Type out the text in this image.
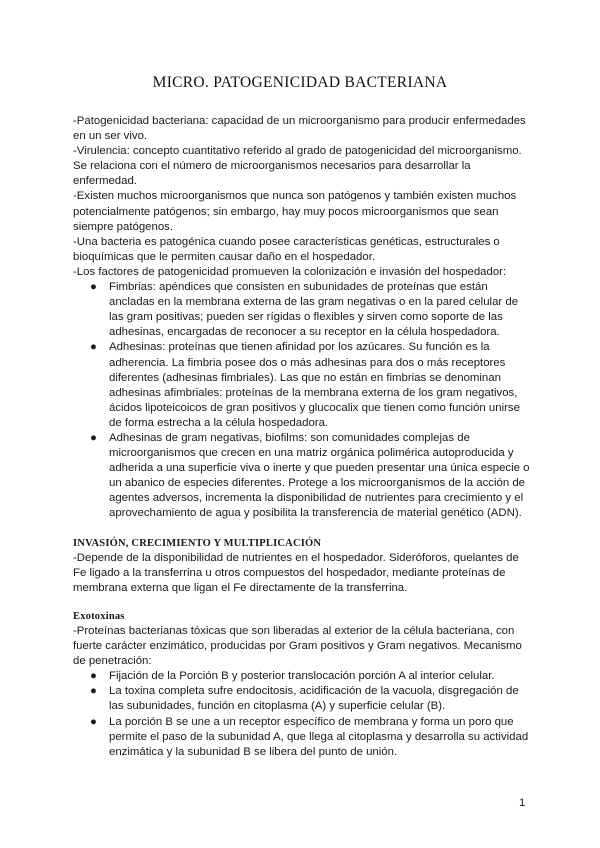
MICRO. PATOGENICIDAD BACTERIANA

-Patogenicidad bacteriana: capacidad de un microorganismo para producir enfermedades en un ser vivo.

-Virulencia: concepto cuantitativo referido al grado de patogenicidad del microorganismo. Se relaciona con el número de microorganismos necesarios para desarrollar la enfermedad.

-Existen muchos microorganismos que nunca son patógenos y también existen muchos potencialmente patógenos; sin embargo, hay muy pocos microorganismos que sean siempre patógenos.

-Una bacteria es patogénica cuando posee características genéticas, estructurales o bioquímicas que le permiten causar daño en el hospedador.

-Los factores de patogenicidad promueven la colonización e invasión del hospedador:

● Fimbrias: apéndices que consisten en subunidades de proteínas que están ancladas en la membrana externa de las gram negativas o en la pared celular de las gram positivas; pueden ser rígidas o flexibles y sirven como soporte de las adhesinas, encargadas de reconocer a su receptor en la célula hospedadora.
● Adhesinas: proteínas que tienen afinidad por los azúcares. Su función es la adherencia. La fimbria posee dos o más adhesinas para dos o más receptores diferentes (adhesinas fimbriales). Las que no están en fimbrias se denominan adhesinas afimbriales: proteínas de la membrana externa de los gram negativos, ácidos lipoteicoicos de gran positivos y glucocalix que tienen como función unirse de forma estrecha a la célula hospedadora.
● Adhesinas de gram negativas, biofilms: son comunidades complejas de microorganismos que crecen en una matriz orgánica polimérica autoproducida y adherida a una superficie viva o inerte y que pueden presentar una única especie o un abanico de especies diferentes. Protege a los microorganismos de la acción de agentes adversos, incrementa la disponibilidad de nutrientes para crecimiento y el aprovechamiento de agua y posibilita la transferencia de material genético (ADN).

INVASIÓN, CRECIMIENTO Y MULTIPLICACIÓN

-Depende de la disponibilidad de nutrientes en el hospedador. Sideróforos, quelantes de Fe ligado a la transferrina u otros compuestos del hospedador, mediante proteínas de membrana externa que ligan el Fe directamente de la transferrina.

Exotoxinas

-Proteínas bacterianas tóxicas que son liberadas al exterior de la célula bacteriana, con fuerte carácter enzimático, producidas por Gram positivos y Gram negativos. Mecanismo de penetración:

● Fijación de la Porción B y posterior translocación porción A al interior celular.
● La toxina completa sufre endocitosis, acidificación de la vacuola, disgregación de las subunidades, función en citoplasma (A) y superficie celular (B).
● La porción B se une a un receptor específico de membrana y forma un poro que permite el paso de la subunidad A, que llega al citoplasma y desarrolla su actividad enzimática y la subunidad B se libera del punto de unión.
1
